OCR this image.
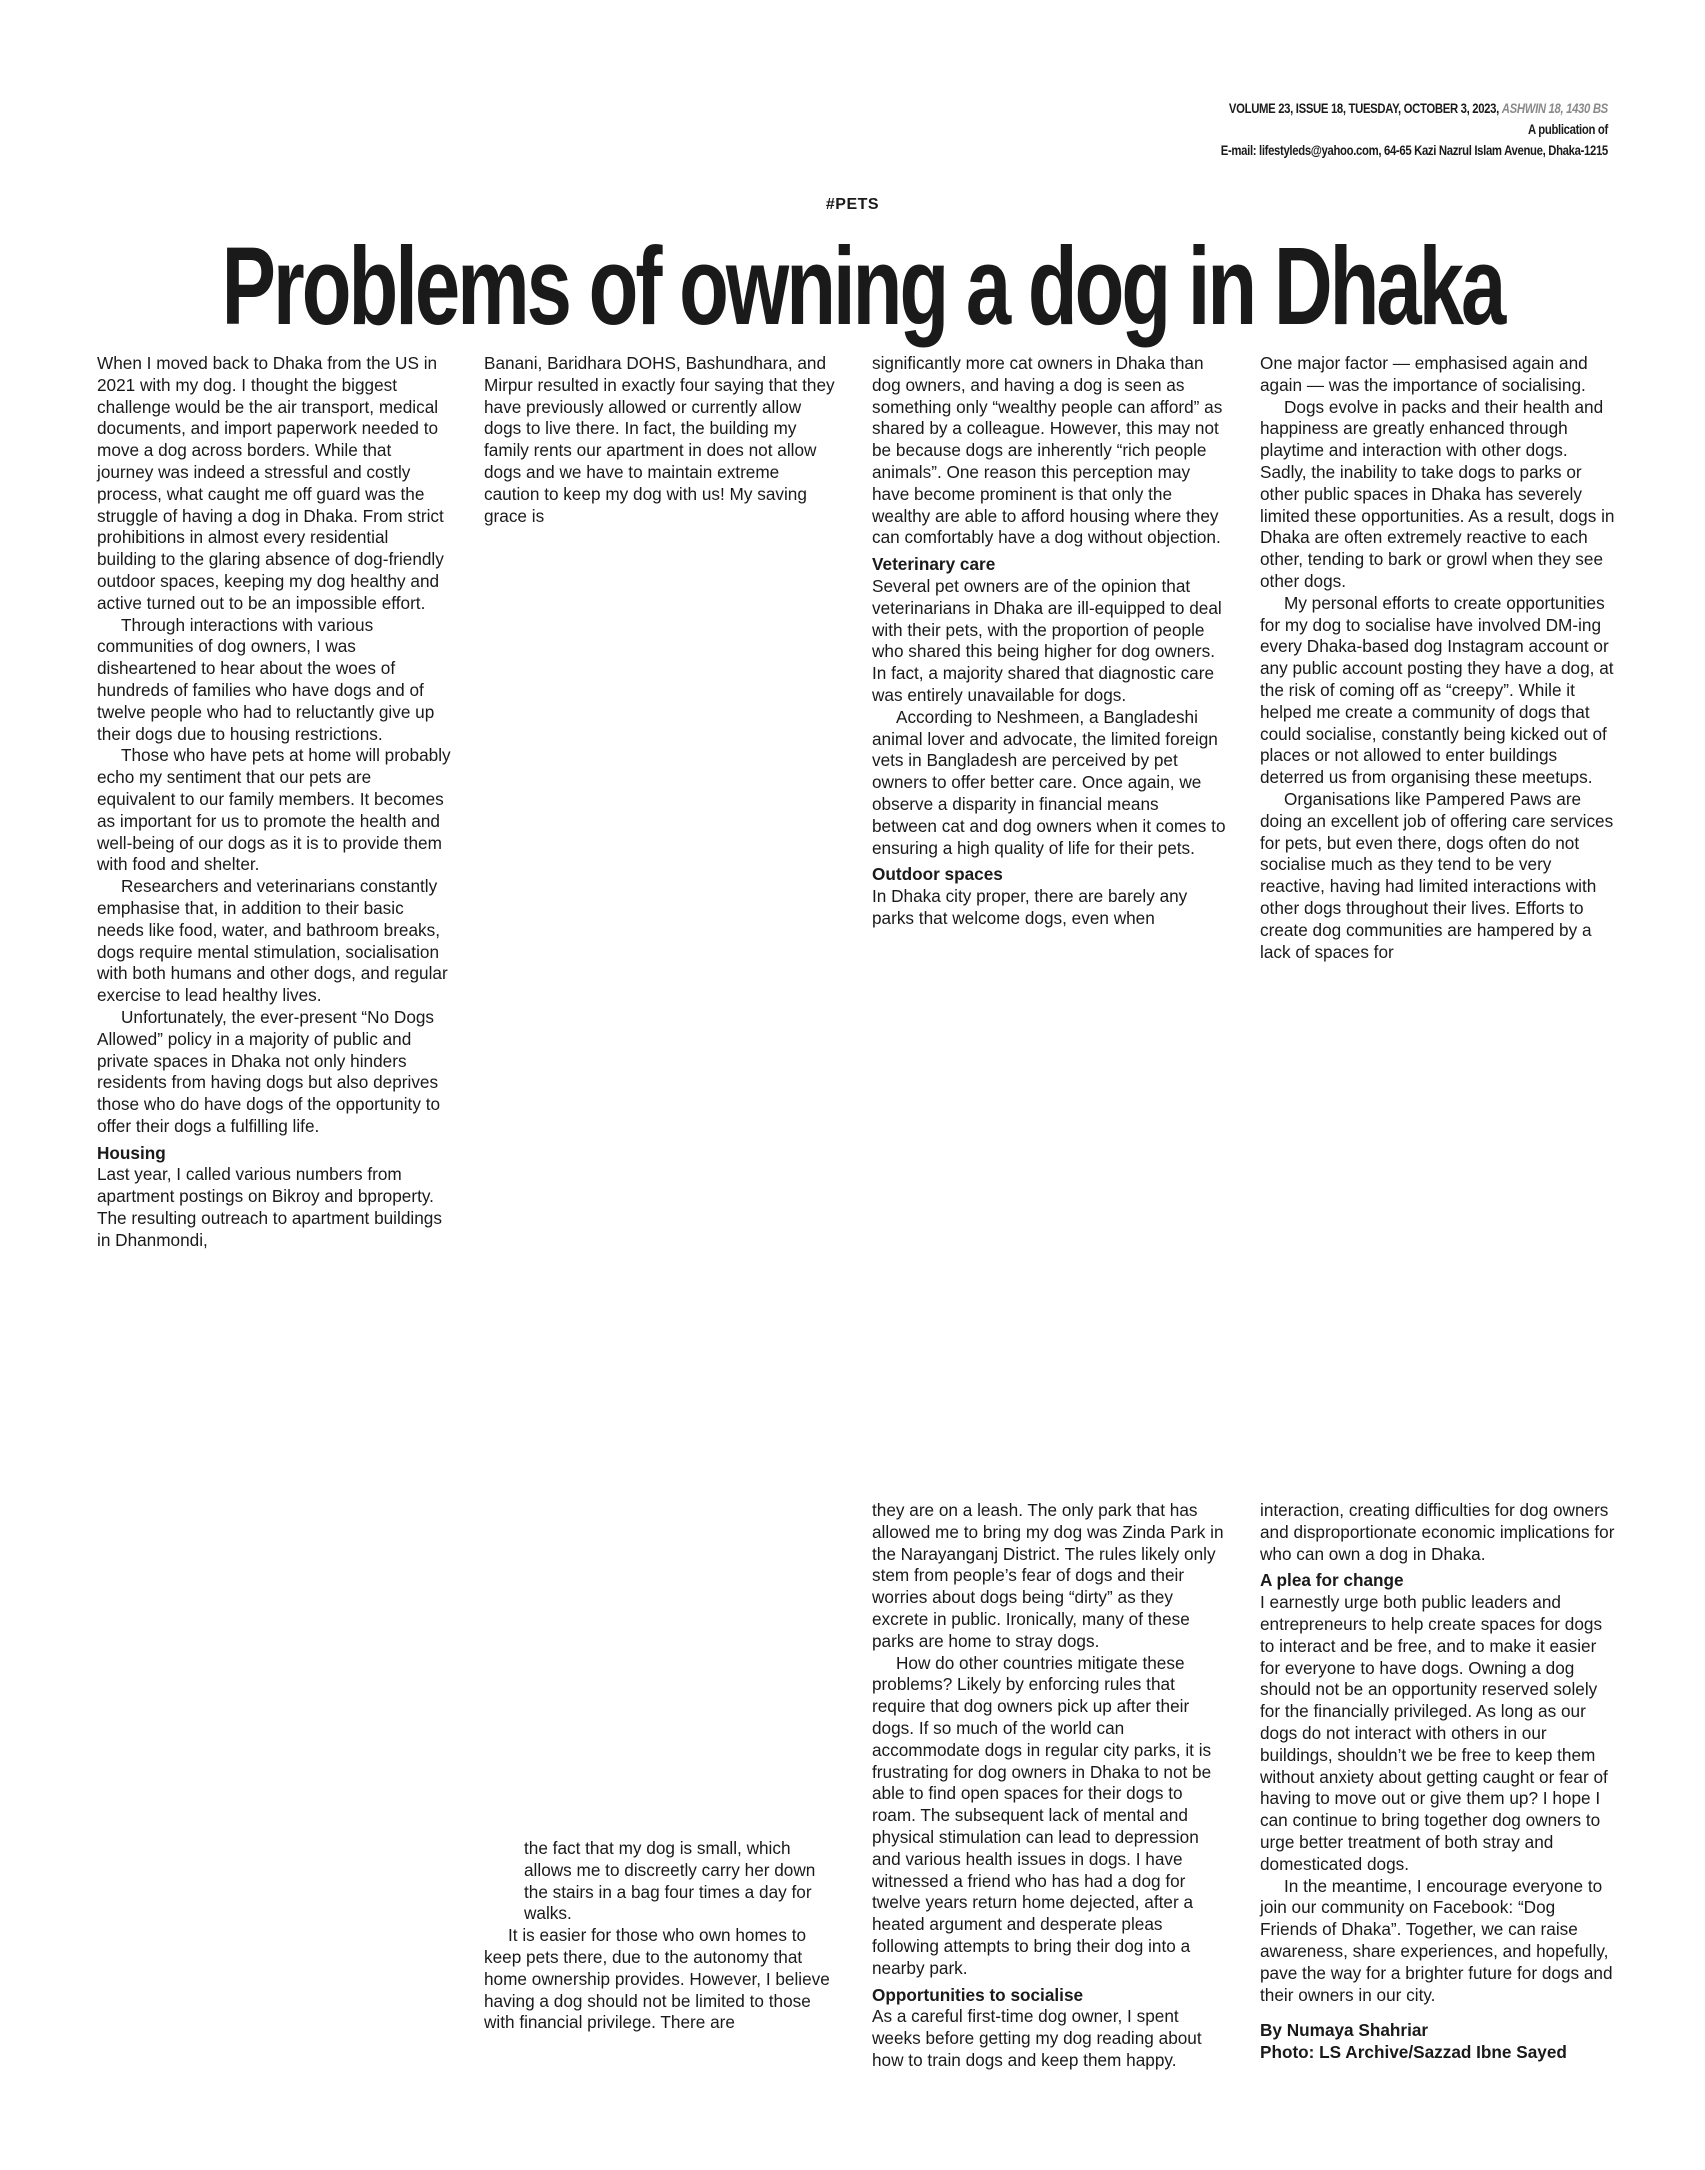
VOLUME 23, ISSUE 18, TUESDAY, OCTOBER 3, 2023, ASHWIN 18, 1430 BS
A publication of
E-mail: lifestyleds@yahoo.com, 64-65 Kazi Nazrul Islam Avenue, Dhaka-1215
#PETS
Problems of owning a dog in Dhaka

When I moved back to Dhaka from the US in 2021 with my dog. I thought the biggest challenge would be the air transport, medical documents, and import paperwork needed to move a dog across borders. While that journey was indeed a stressful and costly process, what caught me off guard was the struggle of having a dog in Dhaka. From strict prohibitions in almost every residential building to the glaring absence of dog-friendly outdoor spaces, keeping my dog healthy and active turned out to be an impossible effort.

Through interactions with various communities of dog owners, I was disheartened to hear about the woes of hundreds of families who have dogs and of twelve people who had to reluctantly give up their dogs due to housing restrictions.

Those who have pets at home will probably echo my sentiment that our pets are equivalent to our family members. It becomes as important for us to promote the health and well-being of our dogs as it is to provide them with food and shelter.

Researchers and veterinarians constantly emphasise that, in addition to their basic needs like food, water, and bathroom breaks, dogs require mental stimulation, socialisation with both humans and other dogs, and regular exercise to lead healthy lives.

Unfortunately, the ever-present “No Dogs Allowed” policy in a majority of public and private spaces in Dhaka not only hinders residents from having dogs but also deprives those who do have dogs of the opportunity to offer their dogs a fulfilling life.

Housing

Last year, I called various numbers from apartment postings on Bikroy and bproperty. The resulting outreach to apartment buildings in Dhanmondi,

Banani, Baridhara DOHS, Bashundhara, and Mirpur resulted in exactly four saying that they have previously allowed or currently allow dogs to live there. In fact, the building my family rents our apartment in does not allow dogs and we have to maintain extreme caution to keep my dog with us! My saving grace is

the fact that my dog is small, which allows me to discreetly carry her down the stairs in a bag four times a day for walks.

It is easier for those who own homes to keep pets there, due to the autonomy that home ownership provides. However, I believe having a dog should not be limited to those with financial privilege. There are

significantly more cat owners in Dhaka than dog owners, and having a dog is seen as something only “wealthy people can afford” as shared by a colleague. However, this may not be because dogs are inherently “rich people animals”. One reason this perception may have become prominent is that only the wealthy are able to afford housing where they can comfortably have a dog without objection.

Veterinary care

Several pet owners are of the opinion that veterinarians in Dhaka are ill-equipped to deal with their pets, with the proportion of people who shared this being higher for dog owners. In fact, a majority shared that diagnostic care was entirely unavailable for dogs.

According to Neshmeen, a Bangladeshi animal lover and advocate, the limited foreign vets in Bangladesh are perceived by pet owners to offer better care. Once again, we observe a disparity in financial means between cat and dog owners when it comes to ensuring a high quality of life for their pets.

Outdoor spaces

In Dhaka city proper, there are barely any parks that welcome dogs, even when

they are on a leash. The only park that has allowed me to bring my dog was Zinda Park in the Narayanganj District. The rules likely only stem from people’s fear of dogs and their worries about dogs being “dirty” as they excrete in public. Ironically, many of these parks are home to stray dogs.

How do other countries mitigate these problems? Likely by enforcing rules that require that dog owners pick up after their dogs. If so much of the world can accommodate dogs in regular city parks, it is frustrating for dog owners in Dhaka to not be able to find open spaces for their dogs to roam. The subsequent lack of mental and physical stimulation can lead to depression and various health issues in dogs. I have witnessed a friend who has had a dog for twelve years return home dejected, after a heated argument and desperate pleas following attempts to bring their dog into a nearby park.

Opportunities to socialise

As a careful first-time dog owner, I spent weeks before getting my dog reading about how to train dogs and keep them happy.

One major factor — emphasised again and again — was the importance of socialising.

Dogs evolve in packs and their health and happiness are greatly enhanced through playtime and interaction with other dogs. Sadly, the inability to take dogs to parks or other public spaces in Dhaka has severely limited these opportunities. As a result, dogs in Dhaka are often extremely reactive to each other, tending to bark or growl when they see other dogs.

My personal efforts to create opportunities for my dog to socialise have involved DM-ing every Dhaka-based dog Instagram account or any public account posting they have a dog, at the risk of coming off as “creepy”. While it helped me create a community of dogs that could socialise, constantly being kicked out of places or not allowed to enter buildings deterred us from organising these meetups.

Organisations like Pampered Paws are doing an excellent job of offering care services for pets, but even there, dogs often do not socialise much as they tend to be very reactive, having had limited interactions with other dogs throughout their lives. Efforts to create dog communities are hampered by a lack of spaces for

interaction, creating difficulties for dog owners and disproportionate economic implications for who can own a dog in Dhaka.

A plea for change

I earnestly urge both public leaders and entrepreneurs to help create spaces for dogs to interact and be free, and to make it easier for everyone to have dogs. Owning a dog should not be an opportunity reserved solely for the financially privileged. As long as our dogs do not interact with others in our buildings, shouldn’t we be free to keep them without anxiety about getting caught or fear of having to move out or give them up? I hope I can continue to bring together dog owners to urge better treatment of both stray and domesticated dogs.

In the meantime, I encourage everyone to join our community on Facebook: “Dog Friends of Dhaka”. Together, we can raise awareness, share experiences, and hopefully, pave the way for a brighter future for dogs and their owners in our city.

By Numaya Shahriar

Photo: LS Archive/Sazzad Ibne Sayed
